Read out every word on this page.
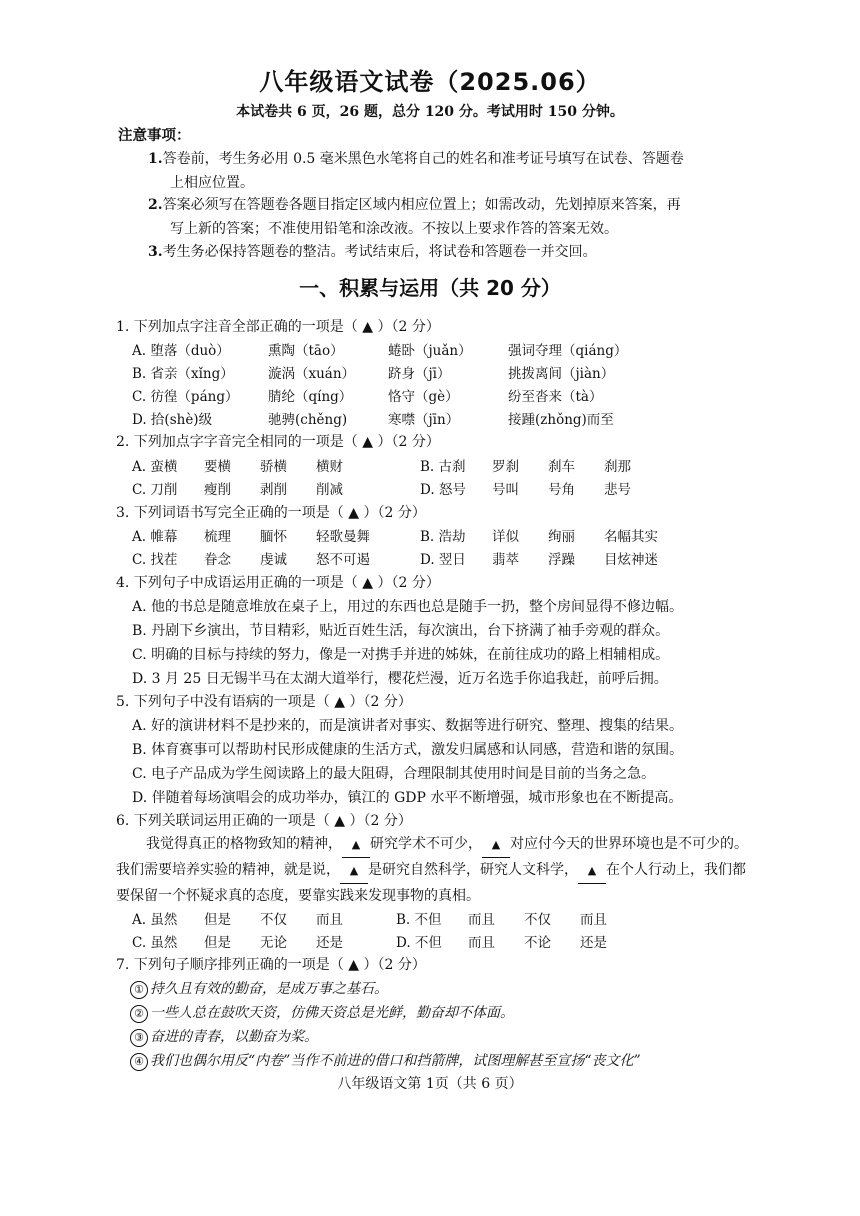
八年级语文试卷（2025.06）
本试卷共 6 页，26 题，总分 120 分。考试用时 150 分钟。
注意事项：
1.答卷前，考生务必用 0.5 毫米黑色水笔将自己的姓名和准考证号填写在试卷、答题卷
上相应位置。
2.答案必须写在答题卷各题目指定区域内相应位置上；如需改动，先划掉原来答案，再
写上新的答案；不准使用铅笔和涂改液。不按以上要求作答的答案无效。
3.考生务必保持答题卷的整洁。考试结束后，将试卷和答题卷一并交回。
一、积累与运用（共 20 分）
1. 下列加点字注音全部正确的一项是（ ▲ ）（2 分）
A. 堕落（duò）	熏陶（tāo）	蜷卧（juǎn）	强词夺理（qiáng）
B. 省亲（xǐng）	漩涡（xuán） 跻身（jī）	挑拨离间（jiàn）
C. 彷徨（páng） 腈纶（qíng）	恪守（gè）	纷至沓来（tà）
D. 拾(shè)级	驰骋(chěng)	寒噤（jīn）	接踵(zhǒng)而至
2. 下列加点字字音完全相同的一项是（ ▲ ）（2 分）
A. 蛮横 要横 骄横 横财	B. 古刹 罗刹 刹车 刹那
C. 刀削 瘦削 剥削 削减	D. 怒号 号叫 号角 悲号
3. 下列词语书写完全正确的一项是（ ▲ ）（2 分）
A. 帷幕 梳理 腼怀 轻歌曼舞	B. 浩劫 详似 绚丽 名幅其实
C. 找茬 眷念 虔诚 怒不可遏	D. 翌日 翡萃 浮躁 目炫神迷
4. 下列句子中成语运用正确的一项是（ ▲ ）（2 分）
A. 他的书总是随意堆放在桌子上，用过的东西也总是随手一扔，整个房间显得不修边幅。
B. 丹剧下乡演出，节目精彩，贴近百姓生活，每次演出，台下挤满了袖手旁观的群众。
C. 明确的目标与持续的努力，像是一对携手并进的姊妹，在前往成功的路上相辅相成。
D. 3 月 25 日无锡半马在太湖大道举行，樱花烂漫，近万名选手你追我赶，前呼后拥。
5. 下列句子中没有语病的一项是（ ▲ ）（2 分）
A. 好的演讲材料不是抄来的，而是演讲者对事实、数据等进行研究、整理、搜集的结果。
B. 体育赛事可以帮助村民形成健康的生活方式，激发归属感和认同感，营造和谐的氛围。
C. 电子产品成为学生阅读路上的最大阻碍，合理限制其使用时间是目前的当务之急。
D. 伴随着每场演唱会的成功举办，镇江的 GDP 水平不断增强，城市形象也在不断提高。
6. 下列关联词运用正确的一项是（ ▲ ）（2 分）
我觉得真正的格物致知的精神， ▲ 研究学术不可少， ▲ 对应付今天的世界环境也是不可少的。我们需要培养实验的精神，就是说， ▲ 是研究自然科学，研究人文科学， ▲ 在个人行动上，我们都要保留一个怀疑求真的态度，要靠实践来发现事物的真相。
A. 虽然 但是 不仅 而且	B. 不但 而且 不仅 而且
C. 虽然 但是 无论 还是	D. 不但 而且 不论 还是
7. 下列句子顺序排列正确的一项是（ ▲ ）（2 分）
① 持久且有效的勤奋，是成万事之基石。
② 一些人总在鼓吹天资，仿佛天资总是光鲜，勤奋却不体面。
③ 奋进的青春，以勤奋为桨。
④ 我们也偶尔用反“内卷”当作不前进的借口和挡箭牌，试图理解甚至宣扬“丧文化”
八年级语文第 1页（共 6 页）
